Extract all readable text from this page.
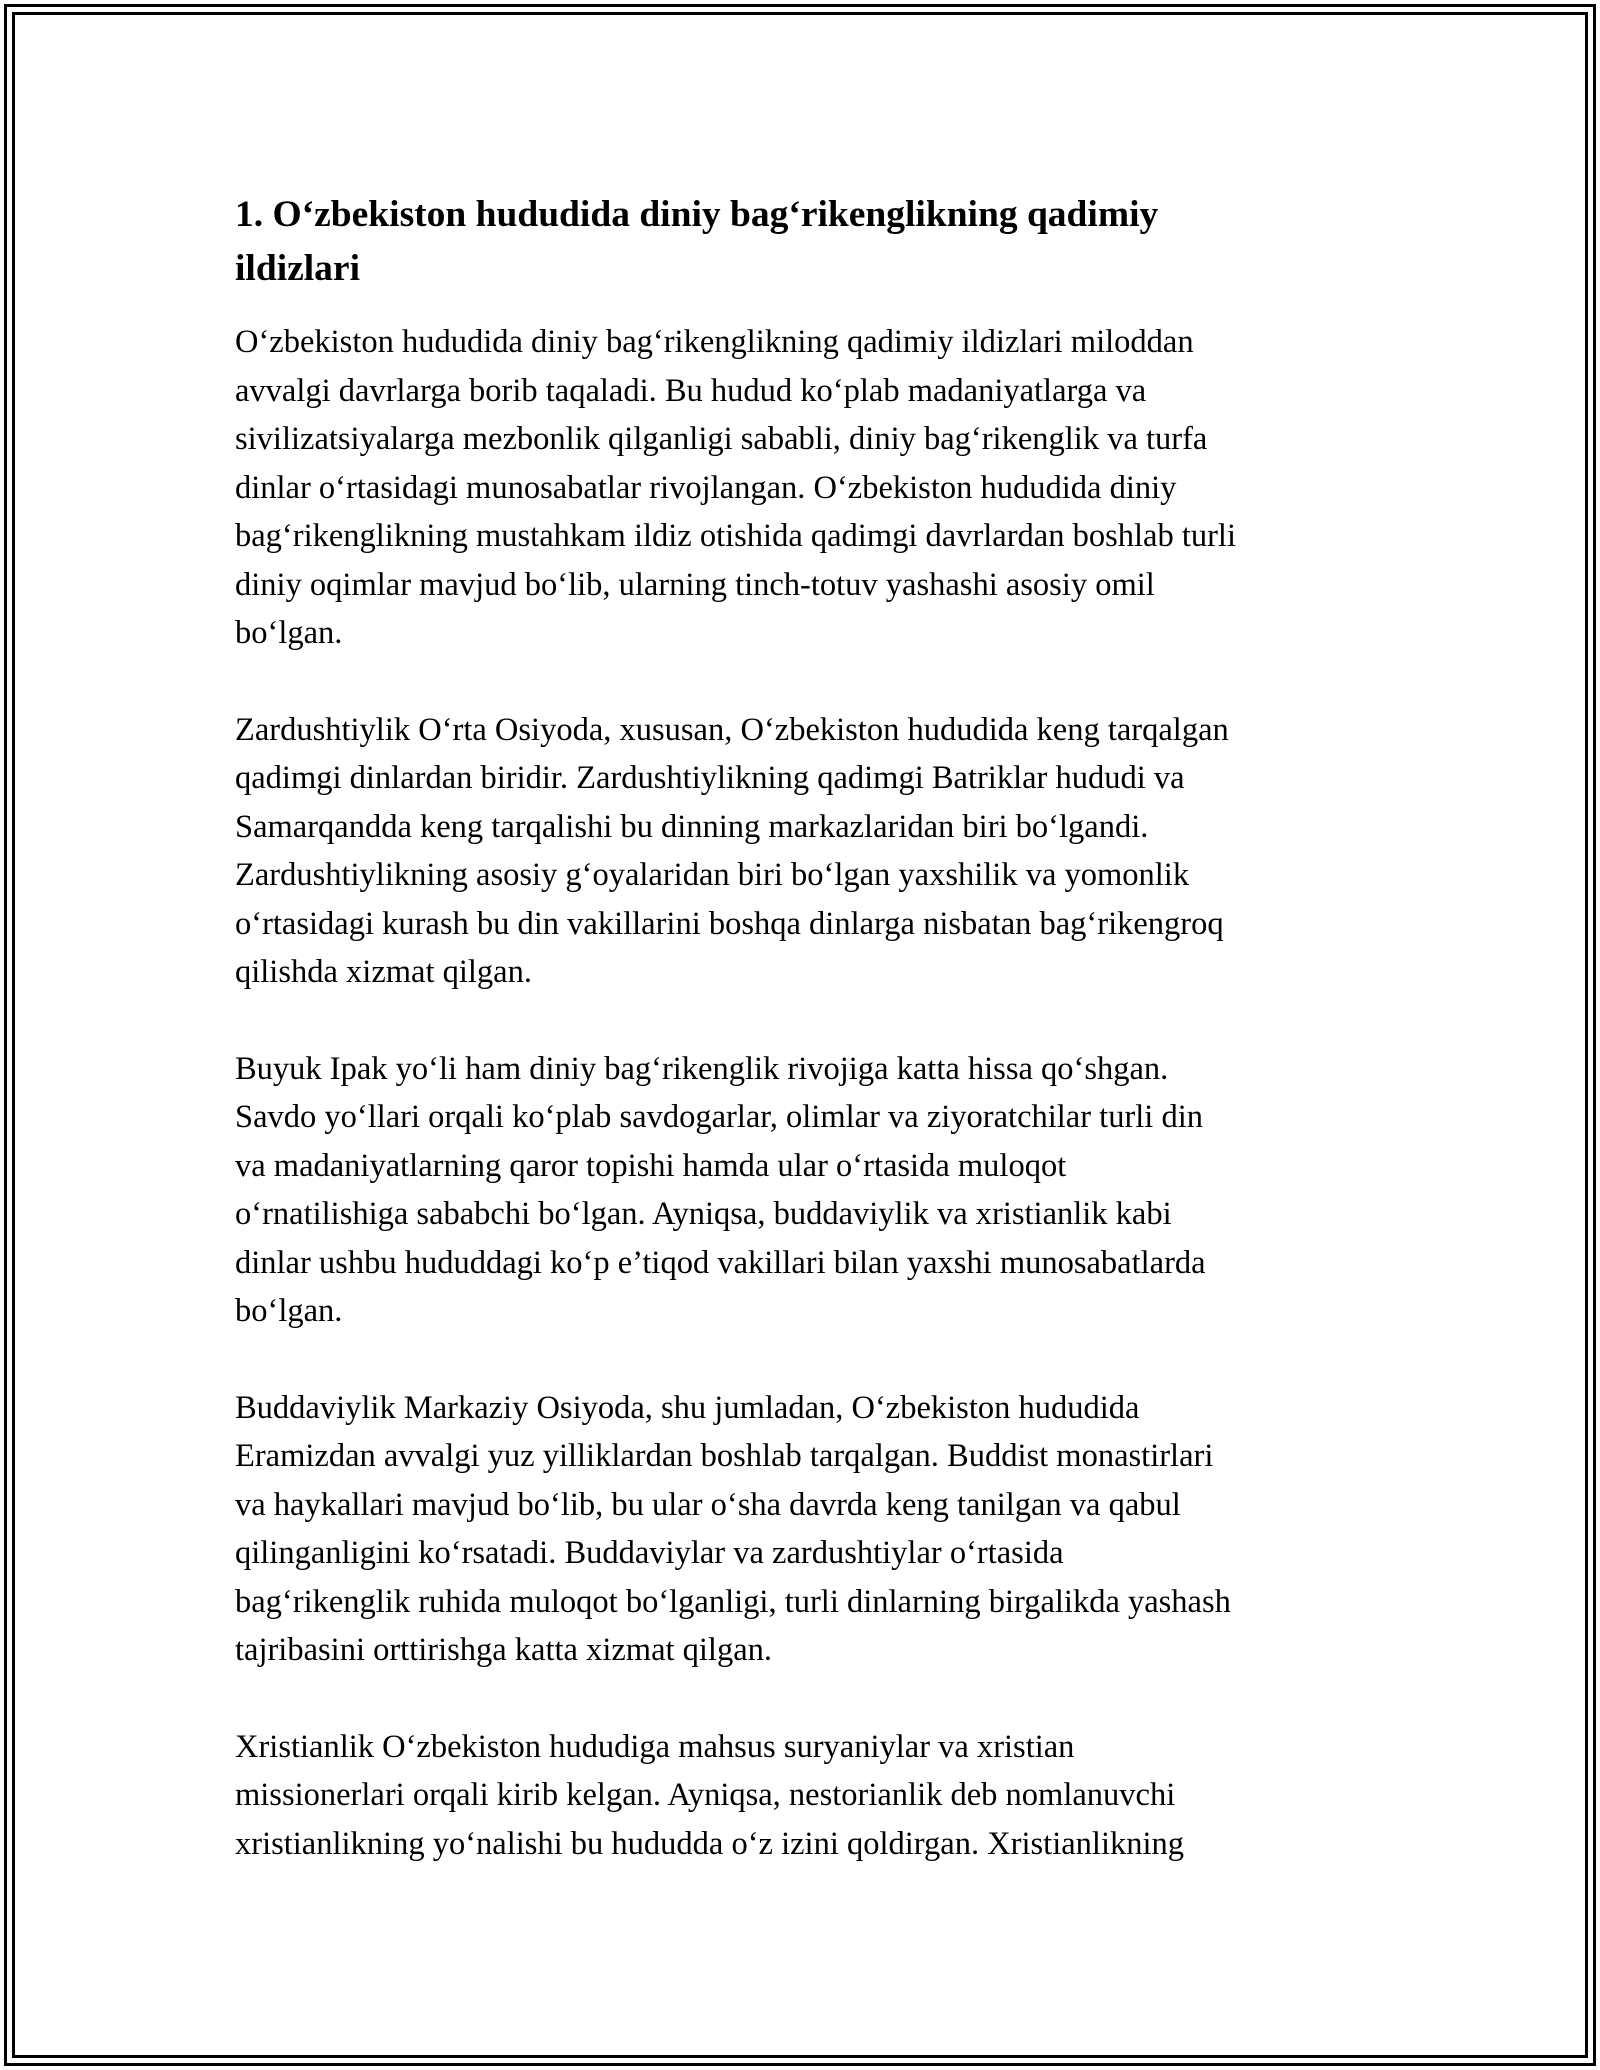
1. O‘zbekiston hududida diniy bag‘rikenglikning qadimiy
ildizlari

O‘zbekiston hududida diniy bag‘rikenglikning qadimiy ildizlari miloddan
avvalgi davrlarga borib taqaladi. Bu hudud ko‘plab madaniyatlarga va
sivilizatsiyalarga mezbonlik qilganligi sababli, diniy bag‘rikenglik va turfa
dinlar o‘rtasidagi munosabatlar rivojlangan. O‘zbekiston hududida diniy
bag‘rikenglikning mustahkam ildiz otishida qadimgi davrlardan boshlab turli
diniy oqimlar mavjud bo‘lib, ularning tinch-totuv yashashi asosiy omil
bo‘lgan.

Zardushtiylik O‘rta Osiyoda, xususan, O‘zbekiston hududida keng tarqalgan
qadimgi dinlardan biridir. Zardushtiylikning qadimgi Batriklar hududi va
Samarqandda keng tarqalishi bu dinning markazlaridan biri bo‘lgandi.
Zardushtiylikning asosiy g‘oyalaridan biri bo‘lgan yaxshilik va yomonlik
o‘rtasidagi kurash bu din vakillarini boshqa dinlarga nisbatan bag‘rikengroq
qilishda xizmat qilgan.

Buyuk Ipak yo‘li ham diniy bag‘rikenglik rivojiga katta hissa qo‘shgan.
Savdo yo‘llari orqali ko‘plab savdogarlar, olimlar va ziyoratchilar turli din
va madaniyatlarning qaror topishi hamda ular o‘rtasida muloqot
o‘rnatilishiga sababchi bo‘lgan. Ayniqsa, buddaviylik va xristianlik kabi
dinlar ushbu hududdagi ko‘p e’tiqod vakillari bilan yaxshi munosabatlarda
bo‘lgan.

Buddaviylik Markaziy Osiyoda, shu jumladan, O‘zbekiston hududida
Eramizdan avvalgi yuz yilliklardan boshlab tarqalgan. Buddist monastirlari
va haykallari mavjud bo‘lib, bu ular o‘sha davrda keng tanilgan va qabul
qilinganligini ko‘rsatadi. Buddaviylar va zardushtiylar o‘rtasida
bag‘rikenglik ruhida muloqot bo‘lganligi, turli dinlarning birgalikda yashash
tajribasini orttirishga katta xizmat qilgan.

Xristianlik O‘zbekiston hududiga mahsus suryaniylar va xristian
missionerlari orqali kirib kelgan. Ayniqsa, nestorianlik deb nomlanuvchi
xristianlikning yo‘nalishi bu hududda o‘z izini qoldirgan. Xristianlikning
